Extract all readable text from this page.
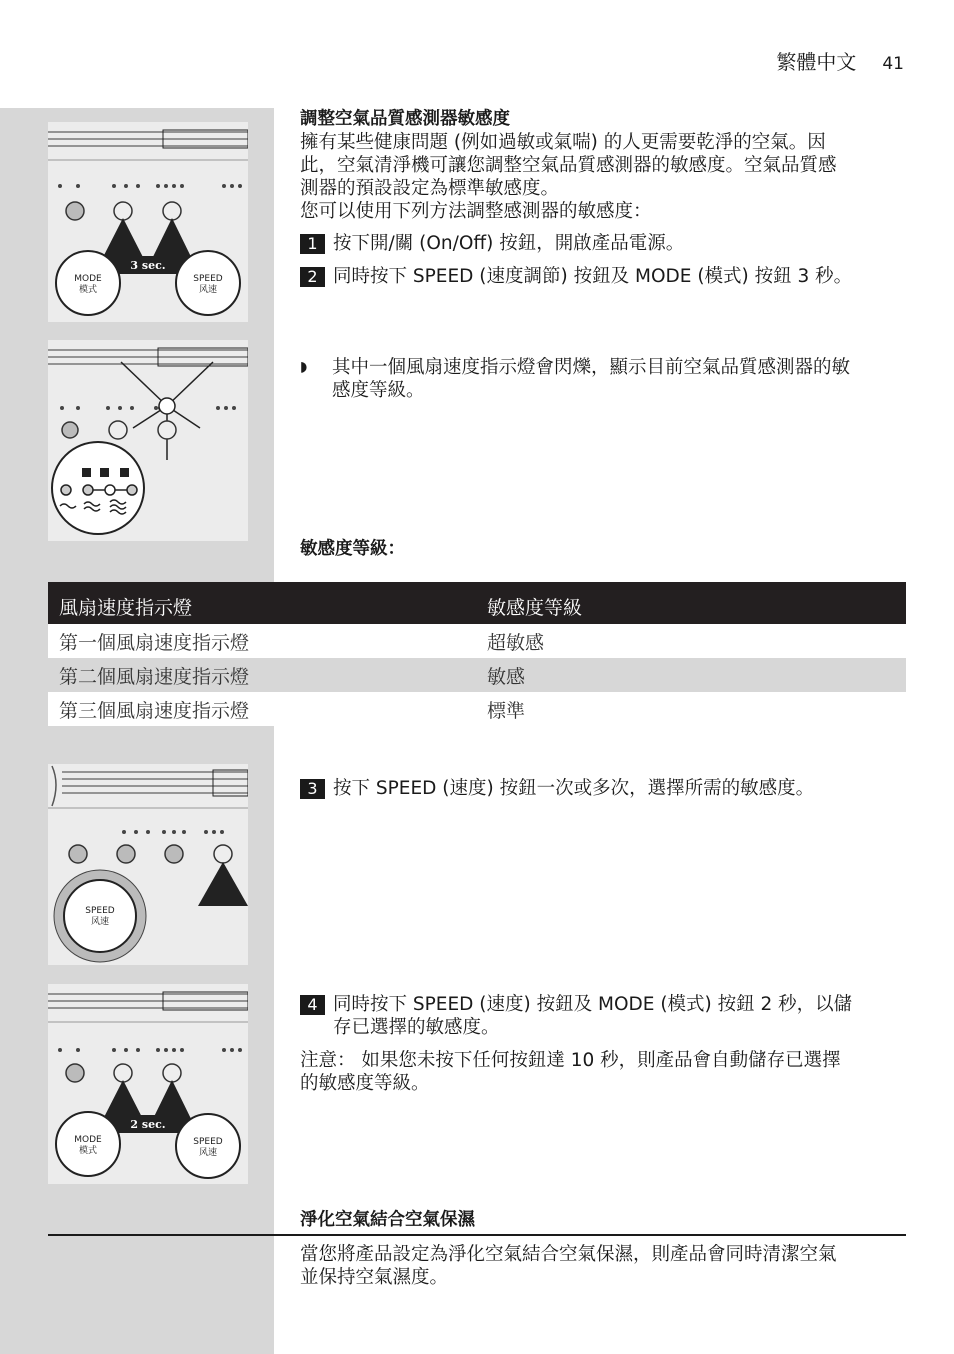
繁體中文 41
調整空氣品質感測器敏感度
擁有某些健康問題 (例如過敏或氣喘) 的人更需要乾淨的空氣。因
此，空氣清淨機可讓您調整空氣品質感測器的敏感度。空氣品質感
測器的預設設定為標準敏感度。
您可以使用下列方法調整感測器的敏感度：
1 按下開/關 (On/Off) 按鈕，開啟產品電源。
2 同時按下 SPEED (速度調節) 按鈕及 MODE (模式) 按鈕 3 秒。
◗	其中一個風扇速度指示燈會閃爍，顯示目前空氣品質感測器的敏
感度等級。
敏感度等級：
風扇速度指示燈	敏感度等級
第一個風扇速度指示燈	超敏感
第二個風扇速度指示燈	敏感
第三個風扇速度指示燈	標準
3 按下 SPEED (速度) 按鈕一次或多次，選擇所需的敏感度。
4 同時按下 SPEED (速度) 按鈕及 MODE (模式) 按鈕 2 秒，以儲
存已選擇的敏感度。
注意： 如果您未按下任何按鈕達 10 秒，則產品會自動儲存已選擇
的敏感度等級。
淨化空氣結合空氣保濕
當您將產品設定為淨化空氣結合空氣保濕，則產品會同時清潔空氣
並保持空氣濕度。
3 sec.
MODE
模式
SPEED
风速
SPEED
风速
2 sec.
MODE
模式
SPEED
风速
